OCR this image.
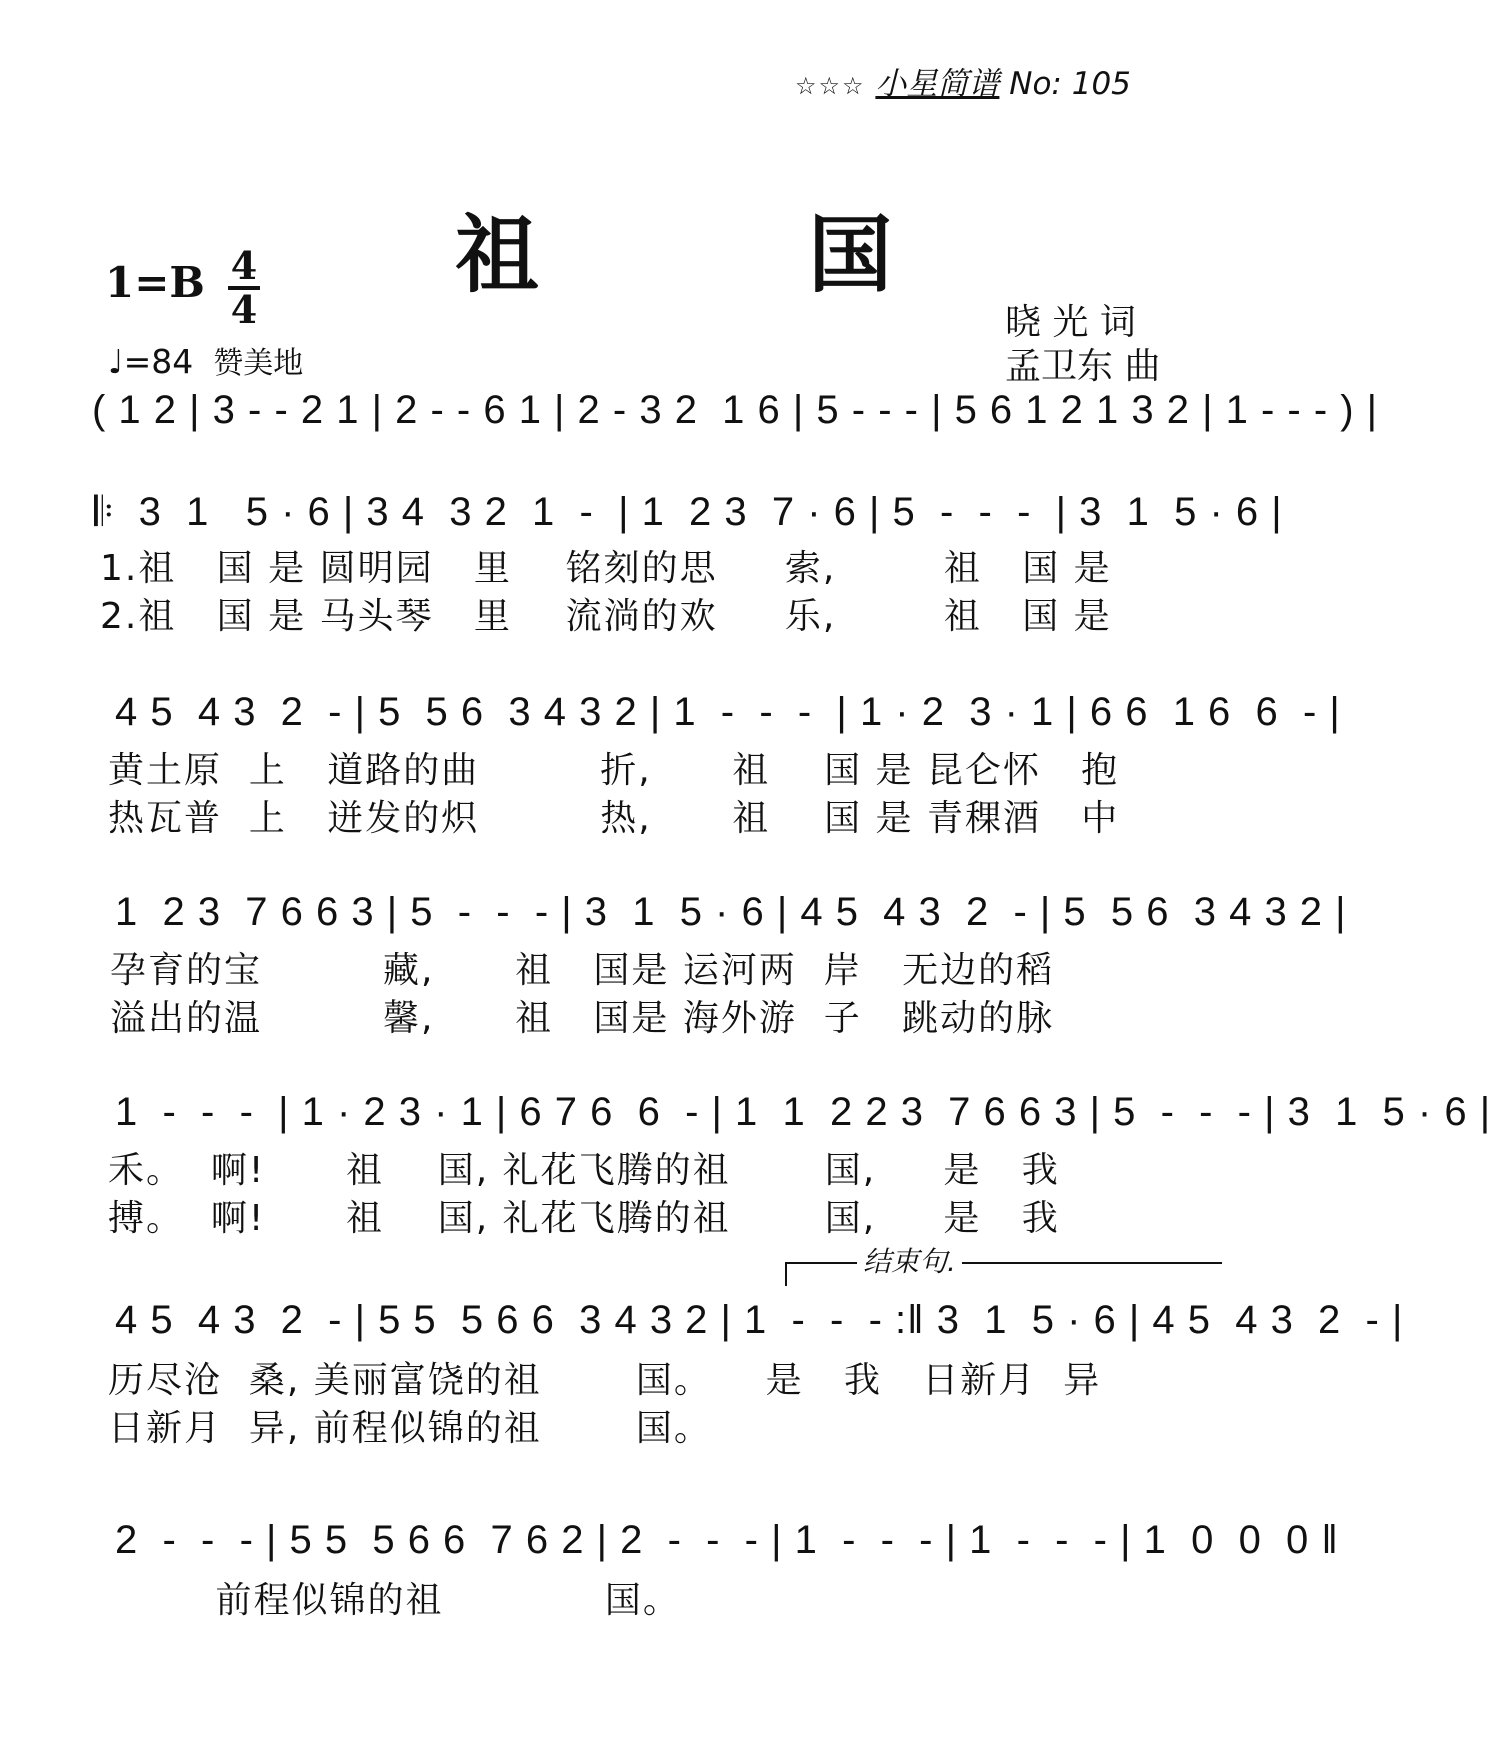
☆☆☆ 小星简谱 No: 105
祖 国
1=B 4
4
♩=84 赞美地
晓 光 词
孟卫东 曲
( 1 2 | 3 - - 2 1 | 2 - - 6 1 | 2 - 3 2  1 6 | 5 - - - | 5 6 1 2 1 3 2 | 1 - - - ) |
𝄆  3  1   5 · 6 | 3 4  3 2  1  -  | 1  2 3  7 · 6 | 5  -  -  -  | 3  1  5 · 6 |
1.祖   国 是 圆明园   里    铭刻的思     索,        祖   国 是
2.祖   国 是 马头琴   里    流淌的欢     乐,        祖   国 是
4 5  4 3  2  - | 5  5 6  3 4 3 2 | 1  -  -  -  | 1 · 2  3 · 1 | 6 6  1 6  6  - |
黄土原  上   道路的曲         折,      祖    国 是 昆仑怀   抱
热瓦普  上   迸发的炽         热,      祖    国 是 青稞酒   中
1  2 3  7 6 6 3 | 5  -  -  - | 3  1  5 · 6 | 4 5  4 3  2  - | 5  5 6  3 4 3 2 |
孕育的宝         藏,      祖   国是 运河两  岸   无边的稻
溢出的温         馨,      祖   国是 海外游  子   跳动的脉
1  -  -  -  | 1 · 2 3 · 1 | 6 7 6  6  - | 1  1  2 2 3  7 6 6 3 | 5  -  -  - | 3  1  5 · 6 |
禾。  啊!      祖    国, 礼花飞腾的祖       国,     是   我
搏。  啊!      祖    国, 礼花飞腾的祖       国,     是   我
结束句.
4 5  4 3  2  - | 5 5  5 6 6  3 4 3 2 | 1  -  -  - :‖ 3  1  5 · 6 | 4 5  4 3  2  - |
历尽沧  桑, 美丽富饶的祖       国。    是   我   日新月  异
日新月  异, 前程似锦的祖       国。
2  -  -  - | 5 5  5 6 6  7 6 2 | 2  -  -  - | 1  -  -  - | 1  -  -  - | 1  0  0  0 ‖
前程似锦的祖            国。
